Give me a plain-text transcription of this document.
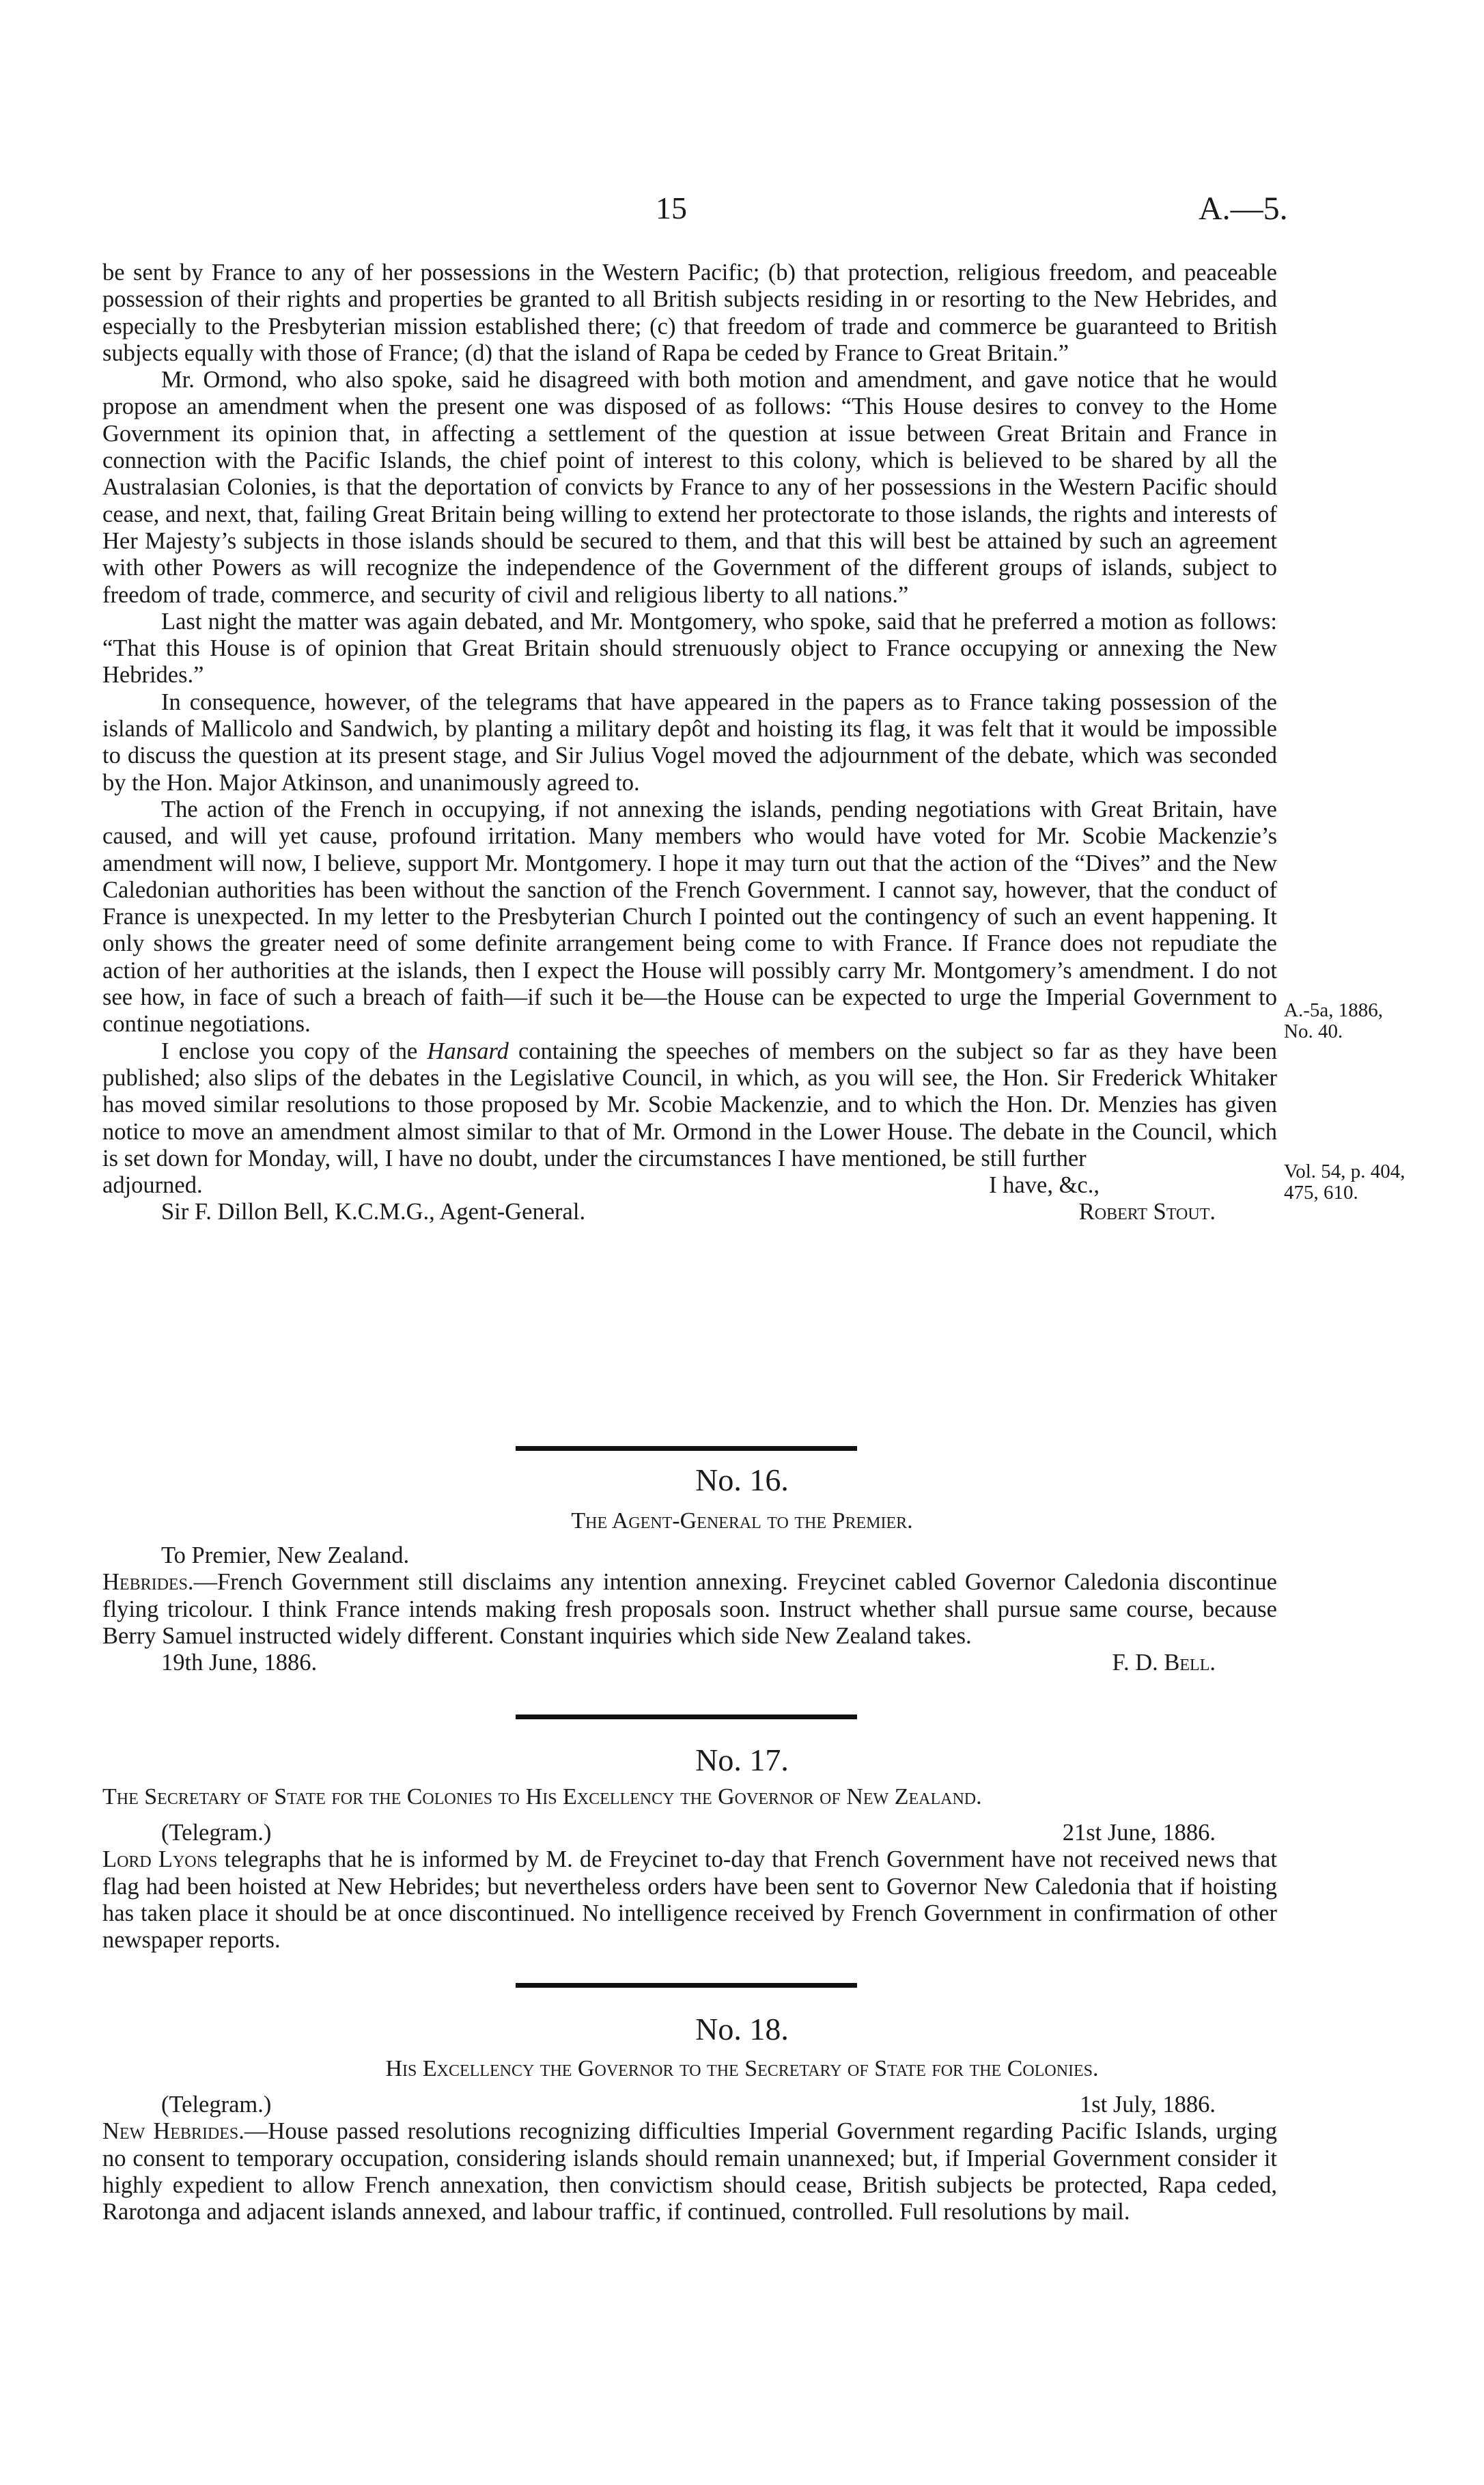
15	A.—5.

be sent by France to any of her possessions in the Western Pacific; (b) that protection, religious freedom, and peaceable possession of their rights and properties be granted to all British subjects residing in or resorting to the New Hebrides, and especially to the Presbyterian mission established there; (c) that freedom of trade and commerce be guaranteed to British subjects equally with those of France; (d) that the island of Rapa be ceded by France to Great Britain.”

Mr. Ormond, who also spoke, said he disagreed with both motion and amendment, and gave notice that he would propose an amendment when the present one was disposed of as follows: “This House desires to convey to the Home Government its opinion that, in affecting a settlement of the question at issue between Great Britain and France in connection with the Pacific Islands, the chief point of interest to this colony, which is believed to be shared by all the Australasian Colonies, is that the deportation of convicts by France to any of her possessions in the Western Pacific should cease, and next, that, failing Great Britain being willing to extend her protectorate to those islands, the rights and interests of Her Majesty’s subjects in those islands should be secured to them, and that this will best be attained by such an agreement with other Powers as will recognize the independence of the Government of the different groups of islands, subject to freedom of trade, commerce, and security of civil and religious liberty to all nations.”

Last night the matter was again debated, and Mr. Montgomery, who spoke, said that he preferred a motion as follows: “That this House is of opinion that Great Britain should strenuously object to France occupying or annexing the New Hebrides.”

In consequence, however, of the telegrams that have appeared in the papers as to France taking possession of the islands of Mallicolo and Sandwich, by planting a military depôt and hoisting its flag, it was felt that it would be impossible to discuss the question at its present stage, and Sir Julius Vogel moved the adjournment of the debate, which was seconded by the Hon. Major Atkinson, and unanimously agreed to.

The action of the French in occupying, if not annexing the islands, pending negotiations with Great Britain, have caused, and will yet cause, profound irritation. Many members who would have voted for Mr. Scobie Mackenzie’s amendment will now, I believe, support Mr. Montgomery. I hope it may turn out that the action of the “Dives” and the New Caledonian authorities has been without the sanction of the French Government. I cannot say, however, that the conduct of France is unexpected. In my letter to the Presbyterian Church I pointed out the contingency of such an event happening. It only shows the greater need of some definite arrangement being come to with France. If France does not repudiate the action of her authorities at the islands, then I expect the House will possibly carry Mr. Montgomery’s amendment. I do not see how, in face of such a breach of faith—if such it be—the House can be expected to urge the Imperial Government to continue negotiations.

I enclose you copy of the Hansard containing the speeches of members on the subject so far as they have been published; also slips of the debates in the Legislative Council, in which, as you will see, the Hon. Sir Frederick Whitaker has moved similar resolutions to those proposed by Mr. Scobie Mackenzie, and to which the Hon. Dr. Menzies has given notice to move an amendment almost similar to that of Mr. Ormond in the Lower House. The debate in the Council, which is set down for Monday, will, I have no doubt, under the circumstances I have mentioned, be still further

adjourned.	I have, &c.,
Sir F. Dillon Bell, K.C.M.G., Agent-General.	Robert Stout.
A.-5a, 1886,
No. 40.
Vol. 54, p. 404,
475, 610.
No. 16.
The Agent-General to the Premier.

To Premier, New Zealand.

Hebrides.—French Government still disclaims any intention annexing. Freycinet cabled Governor Caledonia discontinue flying tricolour. I think France intends making fresh proposals soon. Instruct whether shall pursue same course, because Berry Samuel instructed widely different. Constant inquiries which side New Zealand takes.

19th June, 1886.	F. D. Bell.
No. 17.
The Secretary of State for the Colonies to His Excellency the Governor of New Zealand.
(Telegram.)	21st June, 1886.

Lord Lyons telegraphs that he is informed by M. de Freycinet to-day that French Government have not received news that flag had been hoisted at New Hebrides; but nevertheless orders have been sent to Governor New Caledonia that if hoisting has taken place it should be at once discontinued. No intelligence received by French Government in confirmation of other newspaper reports.

No. 18.
His Excellency the Governor to the Secretary of State for the Colonies.
(Telegram.)	1st July, 1886.

New Hebrides.—House passed resolutions recognizing difficulties Imperial Government regarding Pacific Islands, urging no consent to temporary occupation, considering islands should remain unannexed; but, if Imperial Government consider it highly expedient to allow French annexation, then convictism should cease, British subjects be protected, Rapa ceded, Rarotonga and adjacent islands annexed, and labour traffic, if continued, controlled. Full resolutions by mail.
